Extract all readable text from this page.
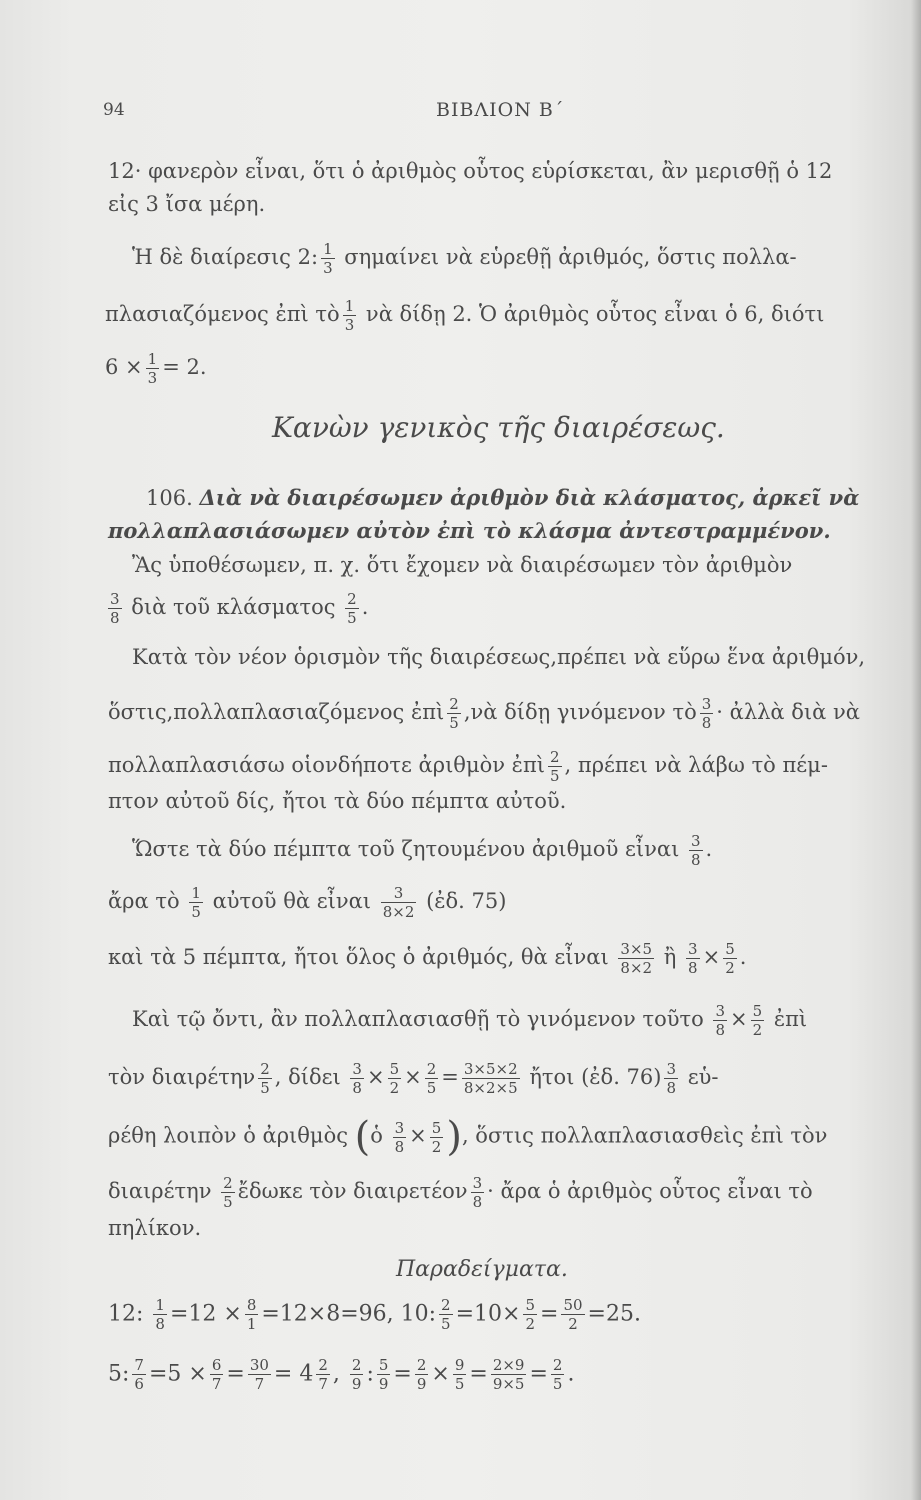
94	ΒΙΒΛΙΟΝ Β΄
12· φανερὸν εἶναι, ὅτι ὁ ἀριθμὸς οὗτος εὑρίσκεται, ἂν μερισθῇ ὁ 12
εἰς 3 ἴσα μέρη.
Ἡ δὲ διαίρεσις 2: $\frac{1}{3}$ σημαίνει νὰ εὑρεθῇ ἀριθμός, ὅστις πολλα-
πλασιαζόμενος ἐπὶ τὸ $\frac{1}{3}$ νὰ δίδῃ 2. Ὁ ἀριθμὸς οὗτος εἶναι ὁ 6, διότι
$6 \times \frac{1}{3} = 2$.
Κανὼν γενικὸς τῆς διαιρέσεως.
106. Διὰ νὰ διαιρέσωμεν ἀριθμὸν διὰ κλάσματος, ἀρκεῖ νὰ
πολλαπλασιάσωμεν αὐτὸν ἐπὶ τὸ κλάσμα ἀντεστραμμένον.
Ἂς ὑποθέσωμεν, π. χ. ὅτι ἔχομεν νὰ διαιρέσωμεν τὸν ἀριθμὸν
$\frac{3}{8}$ διὰ τοῦ κλάσματος $\frac{2}{5}$ .
Κατὰ τὸν νέον ὁρισμὸν τῆς διαιρέσεως,πρέπει νὰ εὕρω ἕνα ἀριθμόν,
ὅστις,πολλαπλασιαζόμενος ἐπὶ $\frac{2}{5}$ ,νὰ δίδῃ γινόμενον τὸ $\frac{3}{8}$ · ἀλλὰ διὰ νὰ
πολλαπλασιάσω οἱονδήποτε ἀριθμὸν ἐπὶ $\frac{2}{5}$ , πρέπει νὰ λάβω τὸ πέμ-
πτον αὐτοῦ δίς, ἤτοι τὰ δύο πέμπτα αὐτοῦ.
Ὥστε τὰ δύο πέμπτα τοῦ ζητουμένου ἀριθμοῦ εἶναι $\frac{3}{8}$ .
ἄρα τὸ $\frac{1}{5}$ αὐτοῦ θὰ εἶναι $\frac{3}{8\times 2}$ (ἐδ. 75)
καὶ τὰ 5 πέμπτα, ἤτοι ὅλος ὁ ἀριθμός, θὰ εἶναι $\frac{3\times 5}{8\times 2}$ ἢ $\frac{3}{8} \times \frac{5}{2}$ .
Καὶ τῷ ὄντι, ἂν πολλαπλασιασθῇ τὸ γινόμενον τοῦτο $\frac{3}{8} \times \frac{5}{2}$ ἐπὶ
τὸν διαιρέτην $\frac{2}{5}$ , δίδει $\frac{3}{8} \times \frac{5}{2} \times \frac{2}{5} = \frac{3\times 5\times 2}{8\times 2\times 5}$ ἤτοι (ἐδ. $76) \frac{3}{8}$ εὑ-
ρέθη λοιπὸν ὁ ἀριθμὸς (ὁ $\frac{3}{8} \times \frac{5}{2}$ ), ὅστις πολλαπλασιασθεὶς ἐπὶ τὸν
διαιρέτην $\frac{2}{5}$ ἔδωκε τὸν διαιρετέον $\frac{3}{8}$ · ἄρα ὁ ἀριθμὸς οὗτος εἶναι τὸ
πηλίκον.
Παραδείγματα.
12: $\frac{1}{8} =12 \times \frac{8}{1} =12\times 8=96$, 10: $\frac{2}{5} =10\times \frac{5}{2} = \frac{50}{2} =25$.
5: $\frac{7}{6} =5 \times \frac{6}{7} = \frac{30}{7} = 4 \frac{2}{7}$ , $\frac{2}{9}$ : $\frac{5}{9} = \frac{2}{9} \times \frac{9}{5} = \frac{2\times 9}{9\times 5} = \frac{2}{5}$ .
